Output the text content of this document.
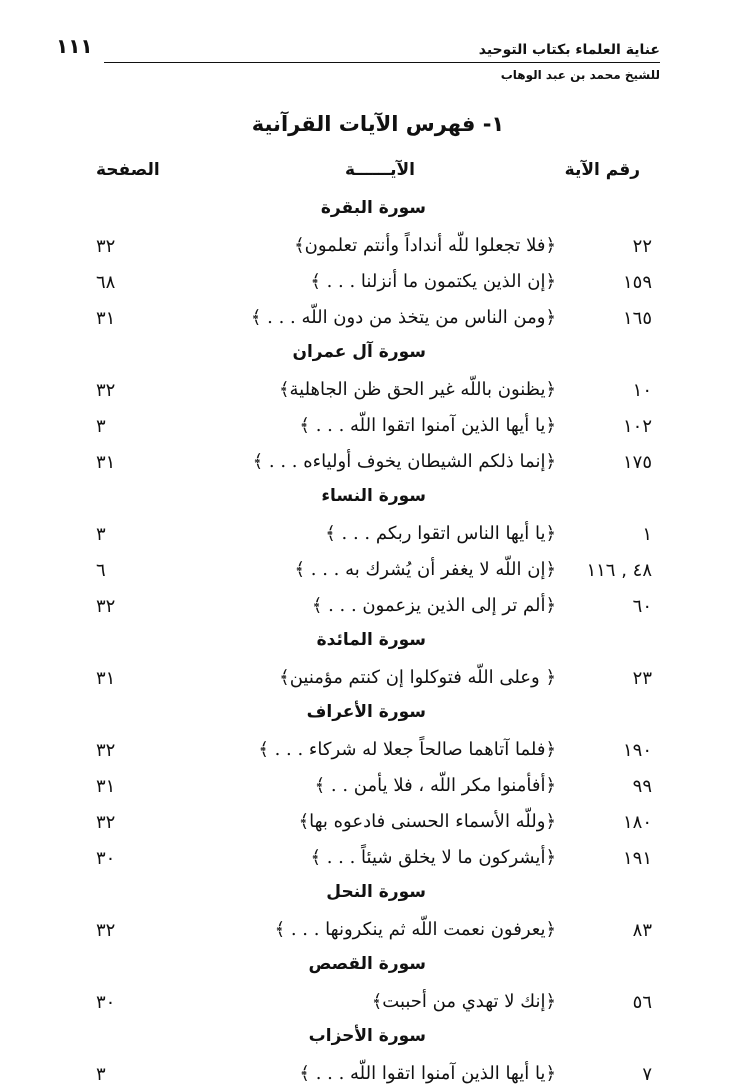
١١١	عناية العلماء بكتاب التوحيد
للشيخ محمد بن عبد الوهاب
١- فهرس الآيات القرآنية
رقم الآية
الآيــــــة
الصفحة
سورة البقرة
٢٢
﴿فلا تجعلوا للّه أنداداً وأنتم تعلمون﴾
٣٢
١٥٩
﴿إن الذين يكتمون ما أنزلنا . . . ﴾
٦٨
١٦٥
﴿ومن الناس من يتخذ من دون اللّه . . . ﴾
٣١
سورة آل عمران
١٠
﴿يظنون باللّه غير الحق ظن الجاهلية﴾
٣٢
١٠٢
﴿يا أيها الذين آمنوا اتقوا اللّه . . . ﴾
٣
١٧٥
﴿إنما ذلكم الشيطان يخوف أولياءه . . . ﴾
٣١
سورة النساء
١
﴿يا أيها الناس اتقوا ربكم . . . ﴾
٣
٤٨ , ١١٦
﴿إن اللّه لا يغفر أن يُشرك به . . . ﴾
٦
٦٠
﴿ألم تر إلى الذين يزعمون . . . ﴾
٣٢
سورة المائدة
٢٣
﴿ وعلى اللّه فتوكلوا إن كنتم مؤمنين﴾
٣١
سورة الأعراف
١٩٠
﴿فلما آتاهما صالحاً جعلا له شركاء . . . ﴾
٣٢
٩٩
﴿أفأمنوا مكر اللّه ، فلا يأمن . . ﴾
٣١
١٨٠
﴿وللّه الأسماء الحسنى فادعوه بها﴾
٣٢
١٩١
﴿أيشركون ما لا يخلق شيئاً . . . ﴾
٣٠
سورة النحل
٨٣
﴿يعرفون نعمت اللّه ثم ينكرونها . . . ﴾
٣٢
سورة القصص
٥٦
﴿إنك لا تهدي من أحببت﴾
٣٠
سورة الأحزاب
٧
﴿يا أيها الذين آمنوا اتقوا اللّه . . . ﴾
٣
